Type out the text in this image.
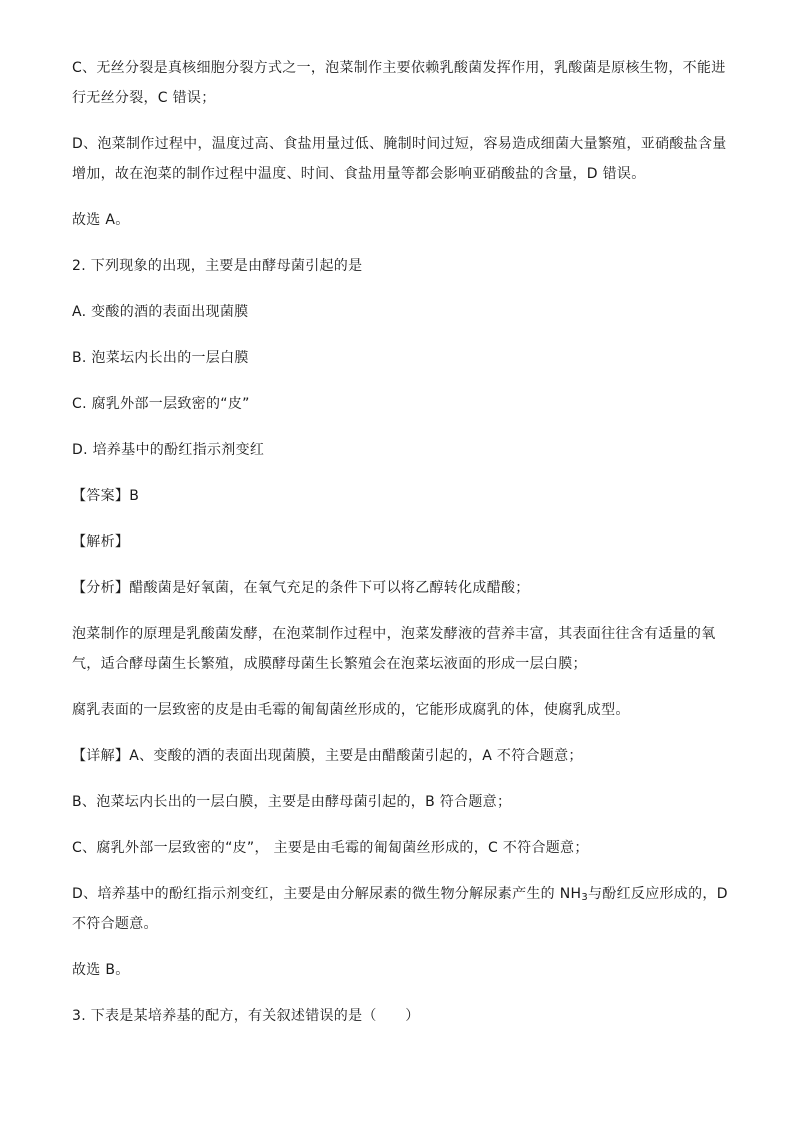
C、无丝分裂是真核细胞分裂方式之一，泡菜制作主要依赖乳酸菌发挥作用，乳酸菌是原核生物，不能进
行无丝分裂，C 错误；

D、泡菜制作过程中，温度过高、食盐用量过低、腌制时间过短，容易造成细菌大量繁殖，亚硝酸盐含量
增加，故在泡菜的制作过程中温度、时间、食盐用量等都会影响亚硝酸盐的含量，D 错误。

故选 A。

2. 下列现象的出现，主要是由酵母菌引起的是

A. 变酸的酒的表面出现菌膜

B. 泡菜坛内长出的一层白膜

C. 腐乳外部一层致密的“皮”

D. 培养基中的酚红指示剂变红

【答案】B

【解析】

【分析】醋酸菌是好氧菌，在氧气充足的条件下可以将乙醇转化成醋酸；

泡菜制作的原理是乳酸菌发酵，在泡菜制作过程中，泡菜发酵液的营养丰富，其表面往往含有适量的氧
气，适合酵母菌生长繁殖，成膜酵母菌生长繁殖会在泡菜坛液面的形成一层白膜；

腐乳表面的一层致密的皮是由毛霉的匍匐菌丝形成的，它能形成腐乳的体，使腐乳成型。

【详解】A、变酸的酒的表面出现菌膜，主要是由醋酸菌引起的，A 不符合题意；

B、泡菜坛内长出的一层白膜，主要是由酵母菌引起的，B 符合题意；

C、腐乳外部一层致密的“皮”， 主要是由毛霉的匍匐菌丝形成的，C 不符合题意；

D、培养基中的酚红指示剂变红，主要是由分解尿素的微生物分解尿素产生的 $NH_3$与酚红反应形成的，D
不符合题意。

故选 B。

3. 下表是某培养基的配方，有关叙述错误的是（　　）
